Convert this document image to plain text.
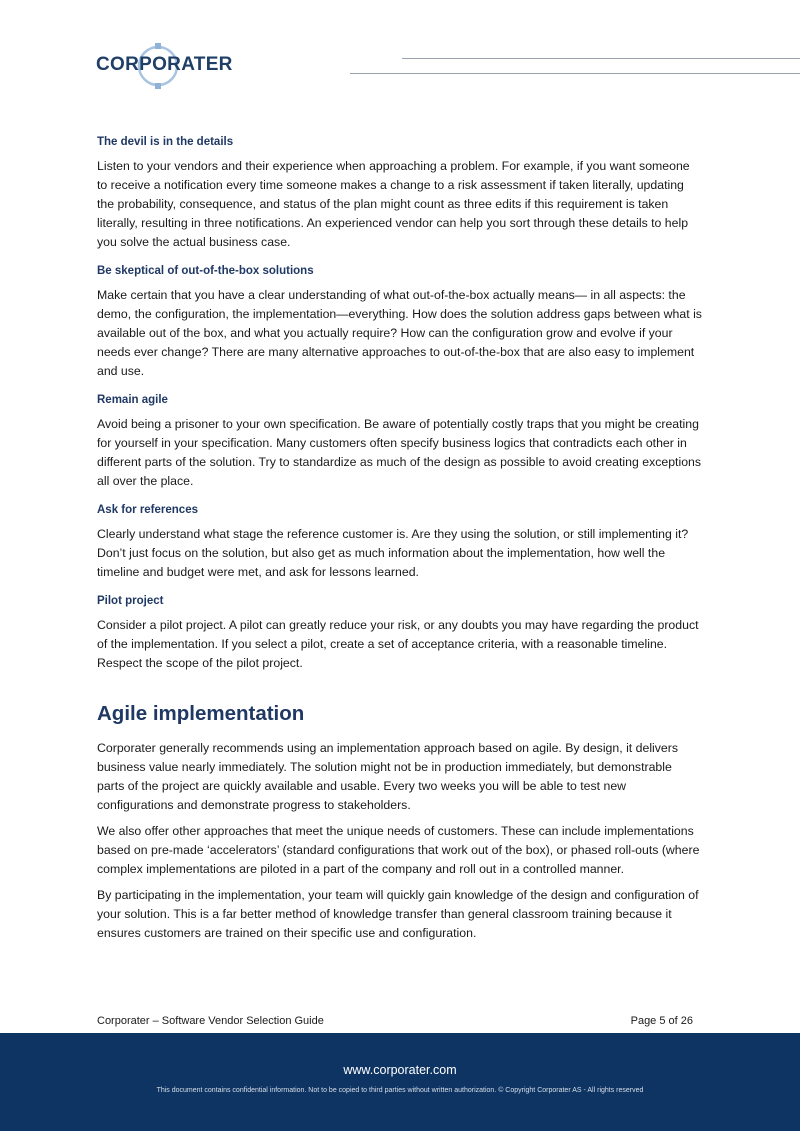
CORPORATER
The devil is in the details

Listen to your vendors and their experience when approaching a problem. For example, if you want someone to receive a notification every time someone makes a change to a risk assessment if taken literally, updating the probability, consequence, and status of the plan might count as three edits if this requirement is taken literally, resulting in three notifications. An experienced vendor can help you sort through these details to help you solve the actual business case.

Be skeptical of out-of-the-box solutions

Make certain that you have a clear understanding of what out-of-the-box actually means— in all aspects: the demo, the configuration, the implementation—everything. How does the solution address gaps between what is available out of the box, and what you actually require? How can the configuration grow and evolve if your needs ever change? There are many alternative approaches to out-of-the-box that are also easy to implement and use.

Remain agile

Avoid being a prisoner to your own specification. Be aware of potentially costly traps that you might be creating for yourself in your specification. Many customers often specify business logics that contradicts each other in different parts of the solution. Try to standardize as much of the design as possible to avoid creating exceptions all over the place.

Ask for references

Clearly understand what stage the reference customer is. Are they using the solution, or still implementing it? Don’t just focus on the solution, but also get as much information about the implementation, how well the timeline and budget were met, and ask for lessons learned.

Pilot project

Consider a pilot project. A pilot can greatly reduce your risk, or any doubts you may have regarding the product of the implementation. If you select a pilot, create a set of acceptance criteria, with a reasonable timeline. Respect the scope of the pilot project.

Agile implementation

Corporater generally recommends using an implementation approach based on agile. By design, it delivers business value nearly immediately. The solution might not be in production immediately, but demonstrable parts of the project are quickly available and usable. Every two weeks you will be able to test new configurations and demonstrate progress to stakeholders.

We also offer other approaches that meet the unique needs of customers. These can include implementations based on pre-made ‘accelerators’ (standard configurations that work out of the box), or phased roll-outs (where complex implementations are piloted in a part of the company and roll out in a controlled manner.

By participating in the implementation, your team will quickly gain knowledge of the design and configuration of your solution. This is a far better method of knowledge transfer than general classroom training because it ensures customers are trained on their specific use and configuration.

Corporater – Software Vendor Selection Guide	Page 5 of 26
www.corporater.com
This document contains confidential information. Not to be copied to third parties without written authorization. © Copyright Corporater AS - All rights reserved
